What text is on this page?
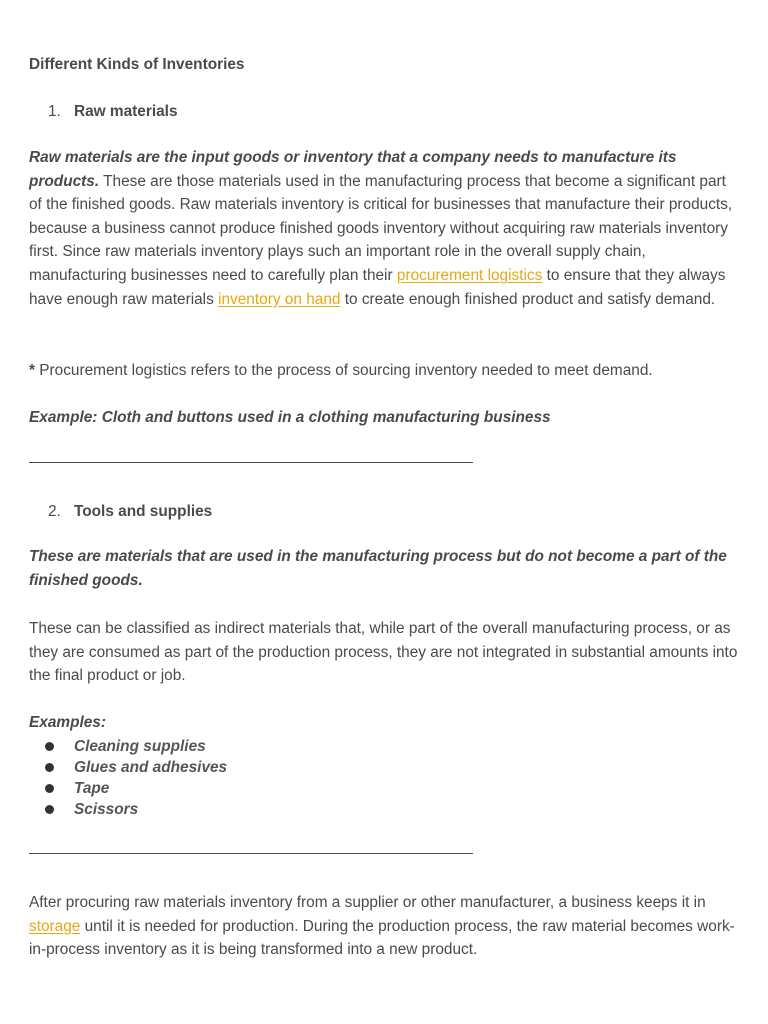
Different Kinds of Inventories

1. Raw materials

Raw materials are the input goods or inventory that a company needs to manufacture its products. These are those materials used in the manufacturing process that become a significant part of the finished goods. Raw materials inventory is critical for businesses that manufacture their products, because a business cannot produce finished goods inventory without acquiring raw materials inventory first. Since raw materials inventory plays such an important role in the overall supply chain, manufacturing businesses need to carefully plan their procurement logistics to ensure that they always have enough raw materials inventory on hand to create enough finished product and satisfy demand.

* Procurement logistics refers to the process of sourcing inventory needed to meet demand.

Example: Cloth and buttons used in a clothing manufacturing business

2. Tools and supplies

These are materials that are used in the manufacturing process but do not become a part of the finished goods.

These can be classified as indirect materials that, while part of the overall manufacturing process, or as they are consumed as part of the production process, they are not integrated in substantial amounts into the final product or job.

Examples:

Cleaning supplies
Glues and adhesives
Tape
Scissors

After procuring raw materials inventory from a supplier or other manufacturer, a business keeps it in storage until it is needed for production. During the production process, the raw material becomes work-in-process inventory as it is being transformed into a new product.
